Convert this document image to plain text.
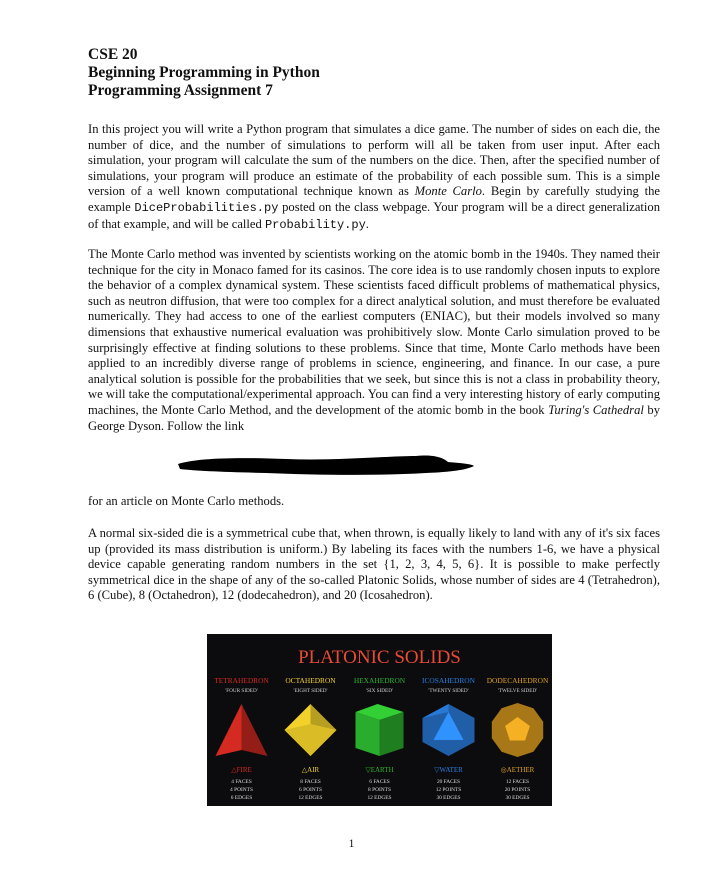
CSE 20
Beginning Programming in Python
Programming Assignment 7

In this project you will write a Python program that simulates a dice game. The number of sides on each die, the number of dice, and the number of simulations to perform will all be taken from user input. After each simulation, your program will calculate the sum of the numbers on the dice. Then, after the specified number of simulations, your program will produce an estimate of the probability of each possible sum. This is a simple version of a well known computational technique known as Monte Carlo. Begin by carefully studying the example DiceProbabilities.py posted on the class webpage. Your program will be a direct generalization of that example, and will be called Probability.py.

The Monte Carlo method was invented by scientists working on the atomic bomb in the 1940s. They named their technique for the city in Monaco famed for its casinos. The core idea is to use randomly chosen inputs to explore the behavior of a complex dynamical system. These scientists faced difficult problems of mathematical physics, such as neutron diffusion, that were too complex for a direct analytical solution, and must therefore be evaluated numerically. They had access to one of the earliest computers (ENIAC), but their models involved so many dimensions that exhaustive numerical evaluation was prohibitively slow. Monte Carlo simulation proved to be surprisingly effective at finding solutions to these problems. Since that time, Monte Carlo methods have been applied to an incredibly diverse range of problems in science, engineering, and finance. In our case, a pure analytical solution is possible for the probabilities that we seek, but since this is not a class in probability theory, we will take the computational/experimental approach. You can find a very interesting history of early computing machines, the Monte Carlo Method, and the development of the atomic bomb in the book Turing's Cathedral by George Dyson. Follow the link

for an article on Monte Carlo methods.

A normal six-sided die is a symmetrical cube that, when thrown, is equally likely to land with any of it's six faces up (provided its mass distribution is uniform.) By labeling its faces with the numbers 1-6, we have a physical device capable generating random numbers in the set {1, 2, 3, 4, 5, 6}. It is possible to make perfectly symmetrical dice in the shape of any of the so-called Platonic Solids, whose number of sides are 4 (Tetrahedron), 6 (Cube), 8 (Octahedron), 12 (dodecahedron), and 20 (Icosahedron).

PLATONIC SOLIDS
TETRAHEDRON
'FOUR SIDED'
△FIRE
4 FACES
4 POINTS
6 EDGES
OCTAHEDRON
'EIGHT SIDED'
△AIR
8 FACES
6 POINTS
12 EDGES
HEXAHEDRON
'SIX SIDED'
▽EARTH
6 FACES
8 POINTS
12 EDGES
ICOSAHEDRON
'TWENTY SIDED'
▽WATER
20 FACES
12 POINTS
30 EDGES
DODECAHEDRON
'TWELVE SIDED'
◎AETHER
12 FACES
20 POINTS
30 EDGES
1
